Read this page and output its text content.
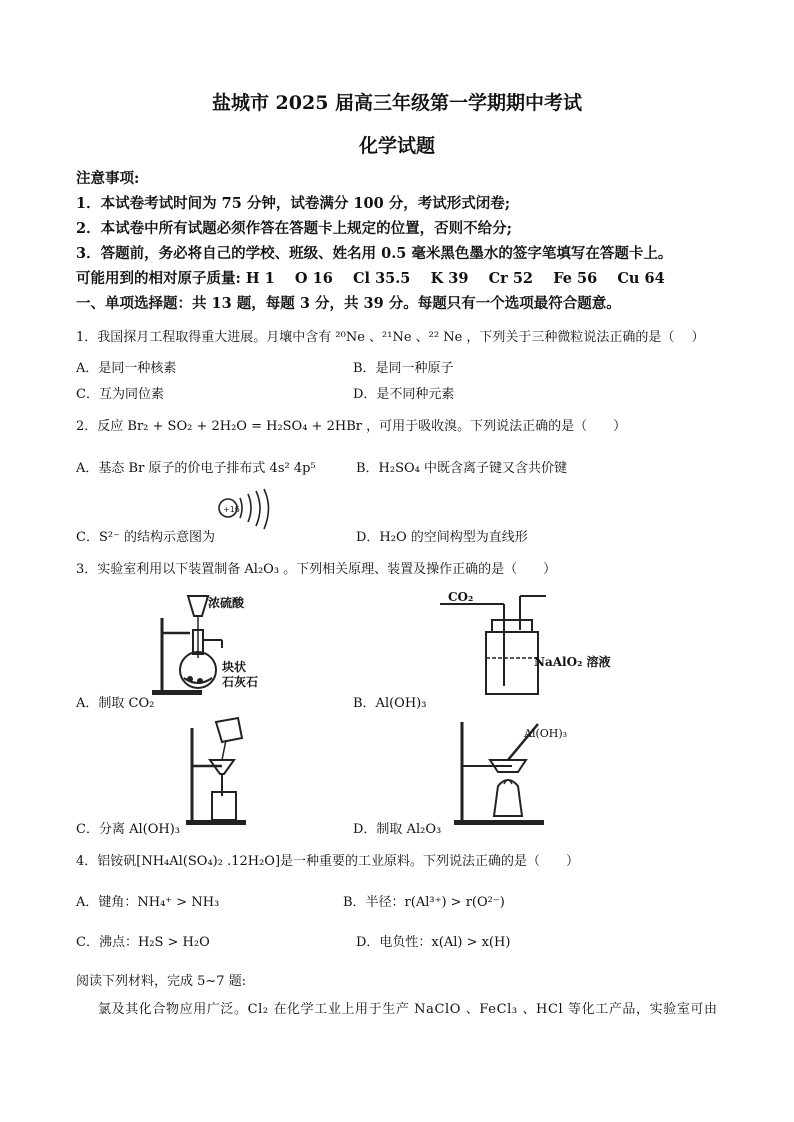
盐城市 2025 届高三年级第一学期期中考试
化学试题
注意事项:
1．本试卷考试时间为 75 分钟，试卷满分 100 分，考试形式闭卷;
2．本试卷中所有试题必须作答在答题卡上规定的位置，否则不给分;
3．答题前，务必将自己的学校、班级、姓名用 0.5 毫米黑色墨水的签字笔填写在答题卡上。
可能用到的相对原子质量: H 1    O 16    Cl 35.5    K 39    Cr 52    Fe 56    Cu 64
一、单项选择题：共 13 题，每题 3 分，共 39 分。每题只有一个选项最符合题意。
1．我国探月工程取得重大进展。月壤中含有 ²⁰Ne 、²¹Ne 、²² Ne ，下列关于三种微粒说法正确的是（　 ）
A．是同一种核素	B．是同一种原子
C．互为同位素	D．是不同种元素
2．反应 Br₂ + SO₂ + 2H₂O = H₂SO₄ + 2HBr ，可用于吸收溴。下列说法正确的是（　　）
A．基态 Br 原子的价电子排布式 4s² 4p⁵	B．H₂SO₄ 中既含离子键又含共价键
C．S²⁻ 的结构示意图为	D．H₂O 的空间构型为直线形
+16
3．实验室利用以下装置制备 Al₂O₃ 。下列相关原理、装置及操作正确的是（　　）
浓硫酸
块状
石灰石
A．制取 CO₂
CO₂
NaAlO₂ 溶液
B．Al(OH)₃
C．分离 Al(OH)₃
Al(OH)₃
D．制取 Al₂O₃
4．铝铵矾[NH₄Al(SO₄)₂ .12H₂O]是一种重要的工业原料。下列说法正确的是（　　）
A．键角：NH₄⁺ > NH₃	B．半径：r(Al³⁺) > r(O²⁻)
C．沸点：H₂S > H₂O	D．电负性：x(Al) > x(H)
阅读下列材料，完成 5~7 题:
氯及其化合物应用广泛。Cl₂ 在化学工业上用于生产 NaClO 、FeCl₃ 、HCl 等化工产品，实验室可由
